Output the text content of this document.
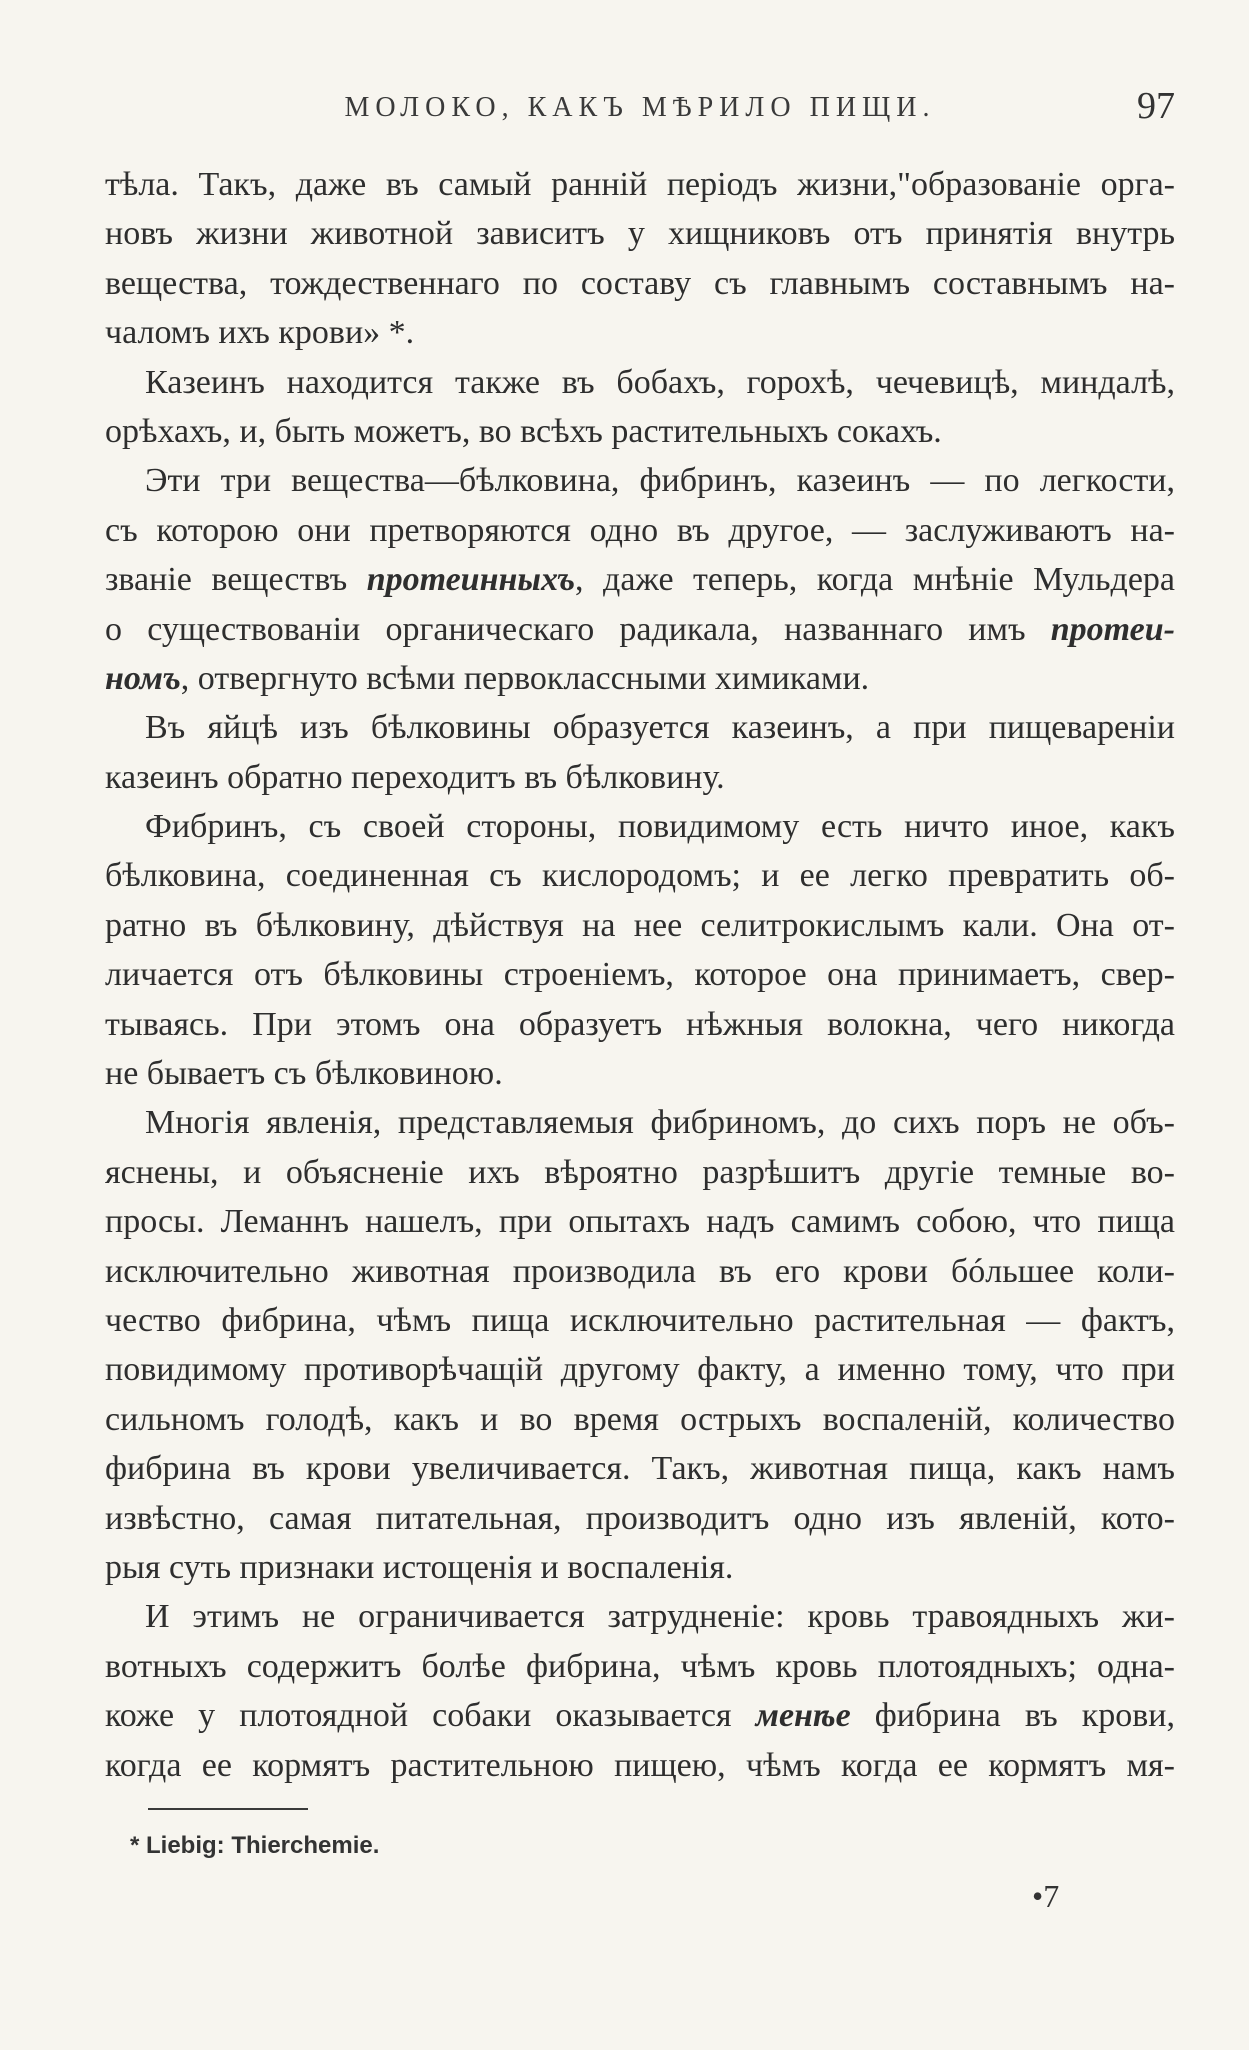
МОЛОКО, КАКЪ МѢРИЛО ПИЩИ.	97
тѣла. Такъ, даже въ самый ранній періодъ жизни,"образованіе орга-
новъ жизни животной зависитъ у хищниковъ отъ принятія внутрь
вещества, тождественнаго по составу съ главнымъ составнымъ на-
чаломъ ихъ крови» *.
Казеинъ находится также въ бобахъ, горохѣ, чечевицѣ, миндалѣ,
орѣхахъ, и, быть можетъ, во всѣхъ растительныхъ сокахъ.
Эти три вещества—бѣлковина, фибринъ, казеинъ — по легкости,
съ которою они претворяются одно въ другое, — заслуживаютъ на-
званіе веществъ протеинныхъ, даже теперь, когда мнѣніе Мульдера
о существованіи органическаго радикала, названнаго имъ протеи-
номъ, отвергнуто всѣми первоклассными химиками.
Въ яйцѣ изъ бѣлковины образуется казеинъ, а при пищевареніи
казеинъ обратно переходитъ въ бѣлковину.
Фибринъ, съ своей стороны, повидимому есть ничто иное, какъ
бѣлковина, соединенная съ кислородомъ; и ее легко превратить об-
ратно въ бѣлковину, дѣйствуя на нее селитрокислымъ кали. Она от-
личается отъ бѣлковины строеніемъ, которое она принимаетъ, свер-
тываясь. При этомъ она образуетъ нѣжныя волокна, чего никогда
не бываетъ съ бѣлковиною.
Многія явленія, представляемыя фибриномъ, до сихъ поръ не объ-
яснены, и объясненіе ихъ вѣроятно разрѣшитъ другіе темные во-
просы. Леманнъ нашелъ, при опытахъ надъ самимъ собою, что пища
исключительно животная производила въ его крови бóльшее коли-
чество фибрина, чѣмъ пища исключительно растительная — фактъ,
повидимому противорѣчащій другому факту, а именно тому, что при
сильномъ голодѣ, какъ и во время острыхъ воспаленій, количество
фибрина въ крови увеличивается. Такъ, животная пища, какъ намъ
извѣстно, самая питательная, производитъ одно изъ явленій, кото-
рыя суть признаки истощенія и воспаленія.
И этимъ не ограничивается затрудненіе: кровь травоядныхъ жи-
вотныхъ содержитъ болѣе фибрина, чѣмъ кровь плотоядныхъ; одна-
коже у плотоядной собаки оказывается менѣе фибрина въ крови,
когда ее кормятъ растительною пищею, чѣмъ когда ее кормятъ мя-
* Liebig: Thierchemie.
•7
